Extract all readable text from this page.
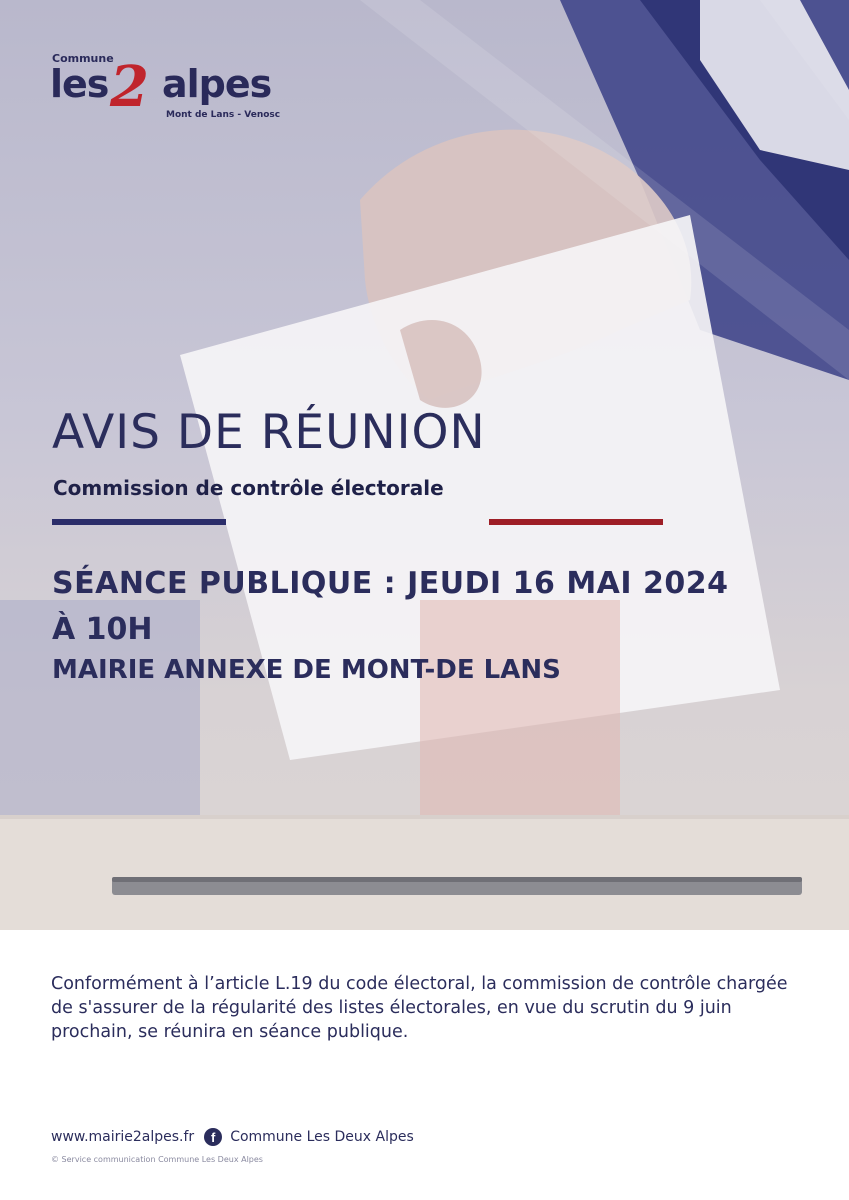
Commune
les 2 alpes
Mont de Lans - Venosc
AVIS DE RÉUNION
Commission de contrôle électorale
SÉANCE PUBLIQUE : JEUDI 16 MAI 2024
À 10H
MAIRIE ANNEXE DE MONT-DE LANS
Conformément à l’article L.19 du code électoral, la commission de contrôle chargée de s'assurer de la régularité des listes électorales, en vue du scrutin du 9 juin prochain, se réunira en séance publique.
www.mairie2alpes.fr	f	Commune Les Deux Alpes
© Service communication Commune Les Deux Alpes
